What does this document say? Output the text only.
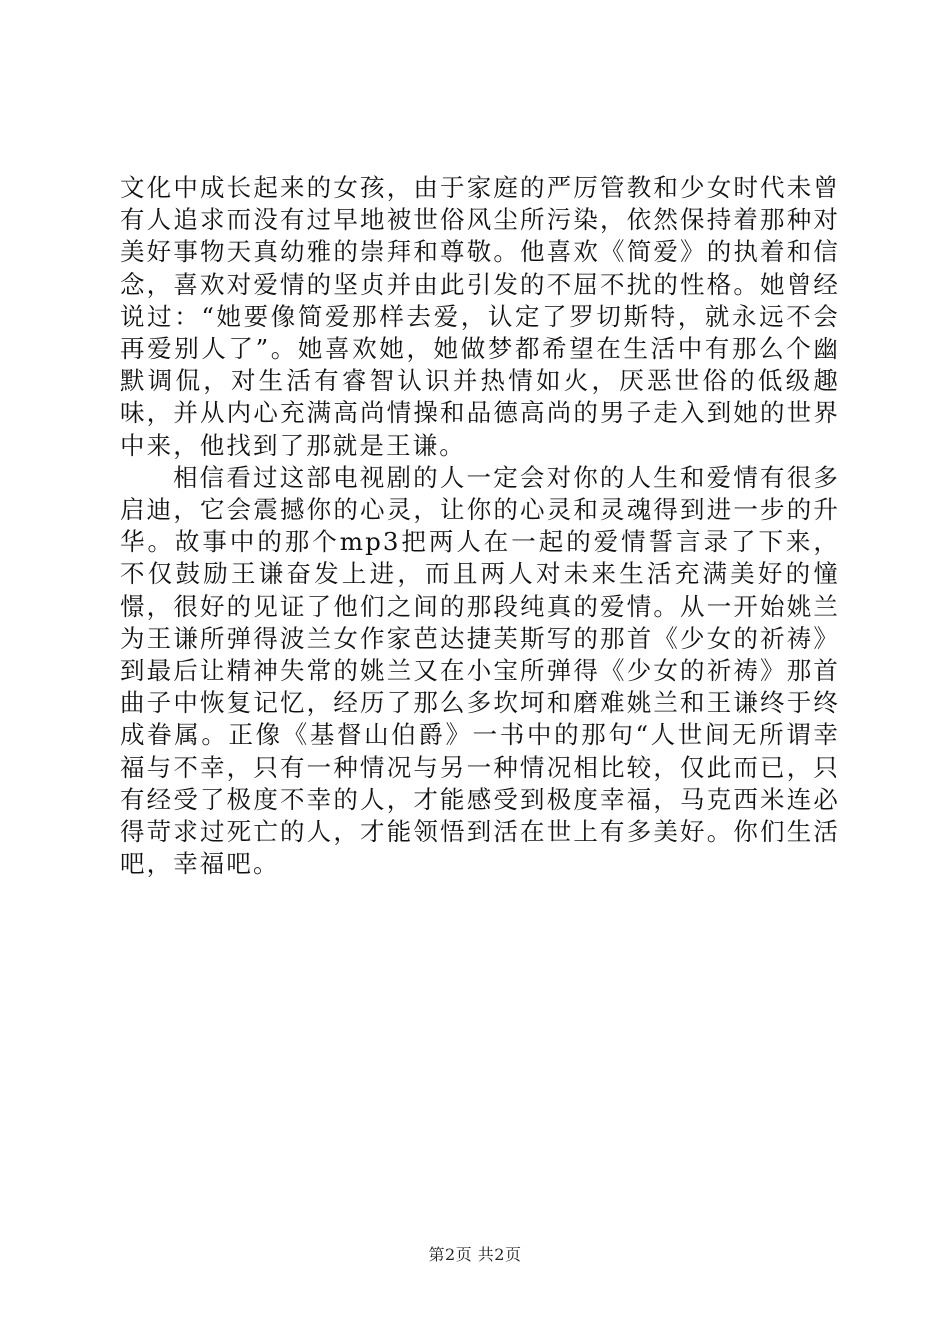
文化中成长起来的女孩，由于家庭的严厉管教和少女时代未曾有人追求而没有过早地被世俗风尘所污染，依然保持着那种对美好事物天真幼雅的崇拜和尊敬。他喜欢《简爱》的执着和信念，喜欢对爱情的坚贞并由此引发的不屈不扰的性格。她曾经说过：“她要像简爱那样去爱，认定了罗切斯特，就永远不会再爱别人了”。她喜欢她，她做梦都希望在生活中有那么个幽默调侃，对生活有睿智认识并热情如火，厌恶世俗的低级趣味，并从内心充满高尚情操和品德高尚的男子走入到她的世界中来，他找到了那就是王谦。

相信看过这部电视剧的人一定会对你的人生和爱情有很多启迪，它会震撼你的心灵，让你的心灵和灵魂得到进一步的升华。故事中的那个mp3把两人在一起的爱情誓言录了下来，不仅鼓励王谦奋发上进，而且两人对未来生活充满美好的憧憬，很好的见证了他们之间的那段纯真的爱情。从一开始姚兰为王谦所弹得波兰女作家芭达捷芙斯写的那首《少女的祈祷》到最后让精神失常的姚兰又在小宝所弹得《少女的祈祷》那首曲子中恢复记忆，经历了那么多坎坷和磨难姚兰和王谦终于终成眷属。正像《基督山伯爵》一书中的那句“人世间无所谓幸福与不幸，只有一种情况与另一种情况相比较，仅此而已，只有经受了极度不幸的人，才能感受到极度幸福，马克西米连必得苛求过死亡的人，才能领悟到活在世上有多美好。你们生活吧，幸福吧。

第2页 共2页
